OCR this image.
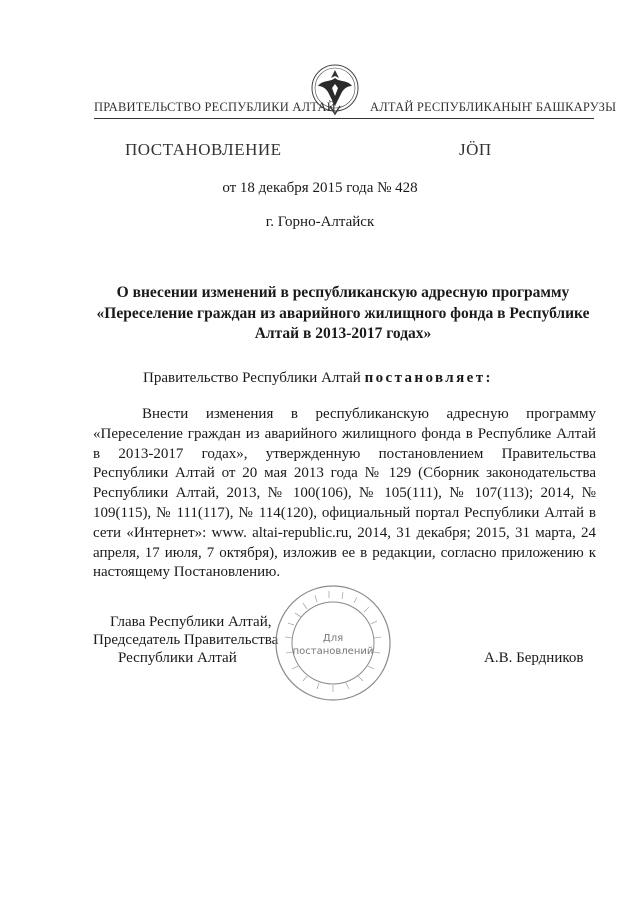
ПРАВИТЕЛЬСТВО РЕСПУБЛИКИ АЛТАЙ	АЛТАЙ РЕСПУБЛИКАНЫҤ БАШКАРУЗЫ
ПОСТАНОВЛЕНИЕ	JӦП
от 18 декабря 2015 года № 428
г. Горно-Алтайск
О внесении изменений в республиканскую адресную программу
«Переселение граждан из аварийного жилищного фонда в Республике
Алтай в 2013-2017 годах»
Правительство Республики Алтай постановляет:
Внести изменения в республиканскую адресную программу «Переселение граждан из аварийного жилищного фонда в Республике Алтай в 2013-2017 годах», утвержденную постановлением Правительства Республики Алтай от 20 мая 2013 года № 129 (Сборник законодательства Республики Алтай, 2013, № 100(106), № 105(111), № 107(113); 2014, № 109(115), № 111(117), № 114(120), официальный портал Республики Алтай в сети «Интернет»: www. altai-republic.ru, 2014, 31 декабря; 2015, 31 марта, 24 апреля, 17 июля, 7 октября), изложив ее в редакции, согласно приложению к настоящему Постановлению.
Глава Республики Алтай,
Председатель Правительства
Республики Алтай	А.В. Бердников
Для
постановлений
